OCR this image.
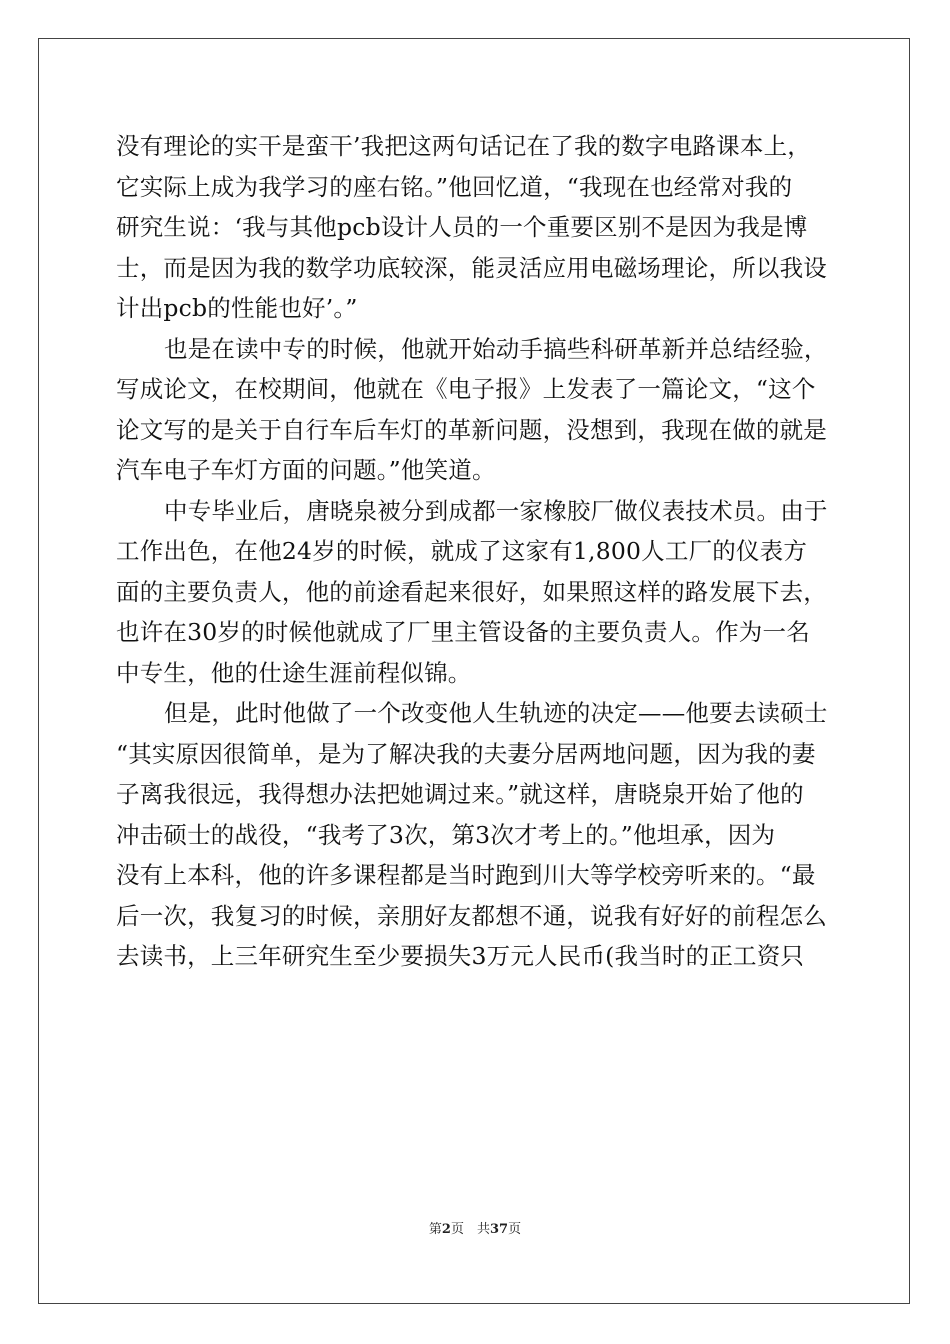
没有理论的实干是蛮干’我把这两句话记在了我的数字电路课本上，
它实际上成为我学习的座右铭。”他回忆道，“我现在也经常对我的
研究生说：‘我与其他pcb设计人员的一个重要区别不是因为我是博
士，而是因为我的数学功底较深，能灵活应用电磁场理论，所以我设
计出pcb的性能也好’。”
也是在读中专的时候，他就开始动手搞些科研革新并总结经验，
写成论文，在校期间，他就在《电子报》上发表了一篇论文，“这个
论文写的是关于自行车后车灯的革新问题，没想到，我现在做的就是
汽车电子车灯方面的问题。”他笑道。
中专毕业后，唐晓泉被分到成都一家橡胶厂做仪表技术员。由于
工作出色，在他24岁的时候，就成了这家有1,800人工厂的仪表方
面的主要负责人，他的前途看起来很好，如果照这样的路发展下去，
也许在30岁的时候他就成了厂里主管设备的主要负责人。作为一名
中专生，他的仕途生涯前程似锦。
但是，此时他做了一个改变他人生轨迹的决定——他要去读硕士
“其实原因很简单，是为了解决我的夫妻分居两地问题，因为我的妻
子离我很远，我得想办法把她调过来。”就这样，唐晓泉开始了他的
冲击硕士的战役，“我考了3次，第3次才考上的。”他坦承，因为
没有上本科，他的许多课程都是当时跑到川大等学校旁听来的。“最
后一次，我复习的时候，亲朋好友都想不通，说我有好好的前程怎么
去读书，上三年研究生至少要损失3万元人民币(我当时的正工资只
第2页　共37页
